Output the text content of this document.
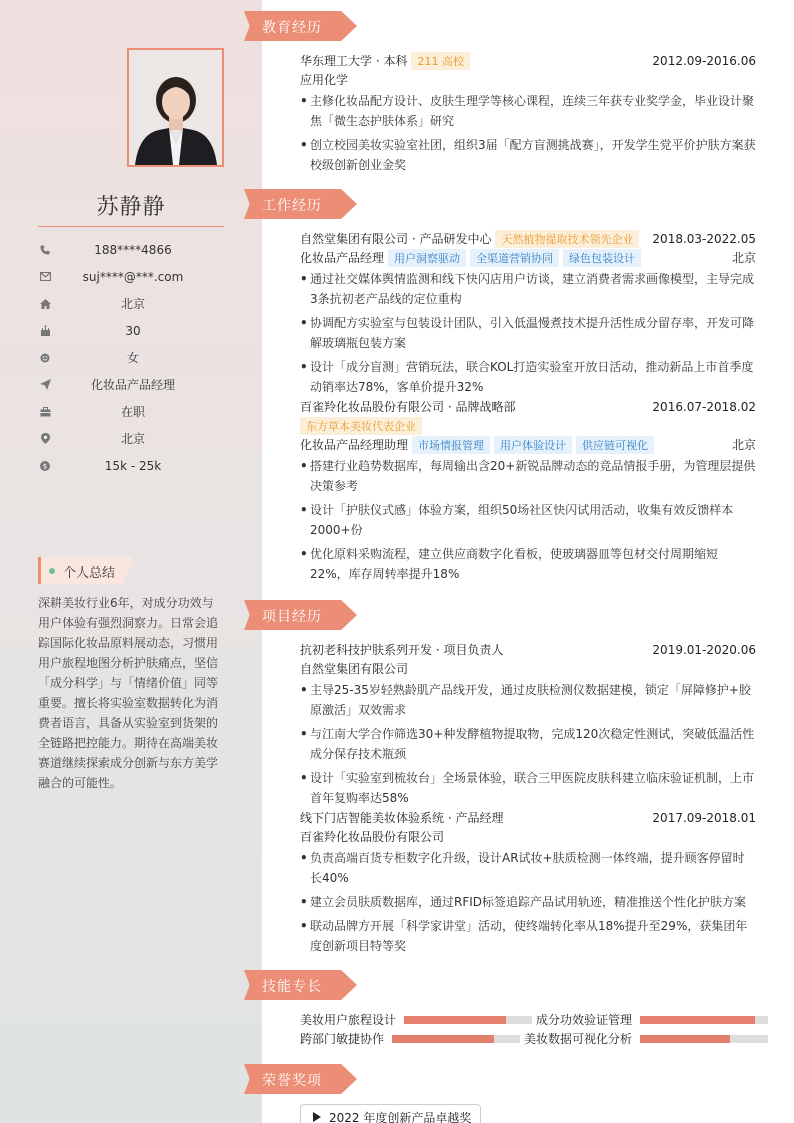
苏静静
188****4866
suj****@***.com
北京
30
女
化妆品产品经理
在职
北京
$	15k - 25k
个人总结
深耕美妆行业6年，对成分功效与用户体验有强烈洞察力。日常会追踪国际化妆品原料展动态，习惯用用户旅程地图分析护肤痛点，坚信「成分科学」与「情绪价值」同等重要。擅长将实验室数据转化为消费者语言，具备从实验室到货架的全链路把控能力。期待在高端美妆赛道继续探索成分创新与东方美学融合的可能性。
教育经历
华东理工大学 · 本科 211 高校	2012.09-2016.06
应用化学
• 主修化妆品配方设计、皮肤生理学等核心课程，连续三年获专业奖学金，毕业设计聚焦「微生态护肤体系」研究
• 创立校园美妆实验室社团，组织3届「配方盲测挑战赛」，开发学生党平价护肤方案获校级创新创业金奖
工作经历
自然堂集团有限公司 · 产品研发中心 天然植物提取技术领先企业	2018.03-2022.05
化妆品产品经理 用户洞察驱动	全渠道营销协同	绿色包装设计	北京
• 通过社交媒体舆情监测和线下快闪店用户访谈，建立消费者需求画像模型，主导完成3条抗初老产品线的定位重构
• 协调配方实验室与包装设计团队，引入低温慢煮技术提升活性成分留存率，开发可降解玻璃瓶包装方案
• 设计「成分盲测」营销玩法，联合KOL打造实验室开放日活动，推动新品上市首季度动销率达78%，客单价提升32%
百雀羚化妆品股份有限公司 · 品牌战略部	2016.07-2018.02
东方草本美妆代表企业
化妆品产品经理助理 市场情报管理	用户体验设计	供应链可视化	北京
• 搭建行业趋势数据库，每周输出含20+新锐品牌动态的竞品情报手册，为管理层提供决策参考
• 设计「护肤仪式感」体验方案，组织50场社区快闪试用活动，收集有效反馈样本2000+份
• 优化原料采购流程，建立供应商数字化看板，使玻璃器皿等包材交付周期缩短22%，库存周转率提升18%
项目经历
抗初老科技护肤系列开发 · 项目负责人	2019.01-2020.06
自然堂集团有限公司
• 主导25-35岁轻熟龄肌产品线开发，通过皮肤检测仪数据建模，锁定「屏障修护+胶原激活」双效需求
• 与江南大学合作筛选30+种发酵植物提取物，完成120次稳定性测试，突破低温活性成分保存技术瓶颈
• 设计「实验室到梳妆台」全场景体验，联合三甲医院皮肤科建立临床验证机制，上市首年复购率达58%
线下门店智能美妆体验系统 · 产品经理	2017.09-2018.01
百雀羚化妆品股份有限公司
• 负责高端百货专柜数字化升级，设计AR试妆+肤质检测一体终端，提升顾客停留时长40%
• 建立会员肤质数据库，通过RFID标签追踪产品试用轨迹，精准推送个性化护肤方案
• 联动品牌方开展「科学家讲堂」活动，使终端转化率从18%提升至29%，获集团年度创新项目特等奖
技能专长
美妆用户旅程设计	成分功效验证管理
跨部门敏捷协作	美妆数据可视化分析
荣誉奖项
2022 年度创新产品卓越奖
